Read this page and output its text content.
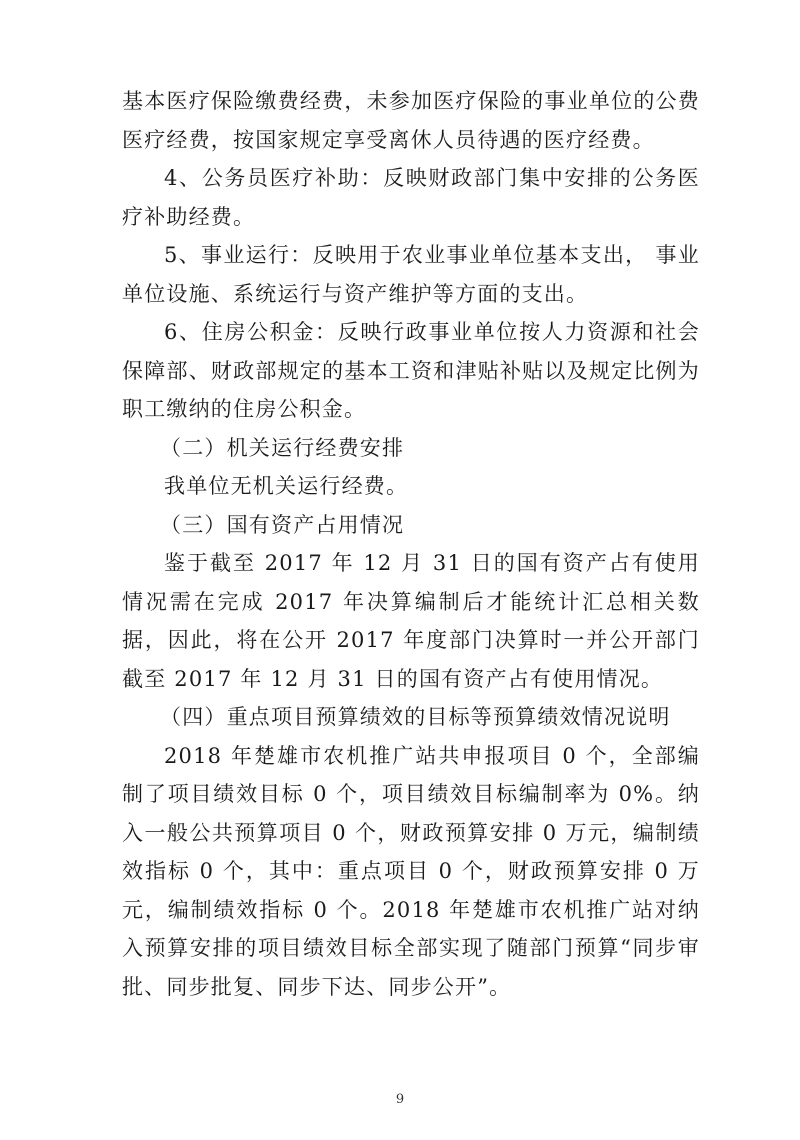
基本医疗保险缴费经费，未参加医疗保险的事业单位的公费医疗经费，按国家规定享受离休人员待遇的医疗经费。

4、公务员医疗补助：反映财政部门集中安排的公务医疗补助经费。

5、事业运行：反映用于农业事业单位基本支出， 事业单位设施、系统运行与资产维护等方面的支出。

6、住房公积金：反映行政事业单位按人力资源和社会保障部、财政部规定的基本工资和津贴补贴以及规定比例为职工缴纳的住房公积金。

（二）机关运行经费安排

我单位无机关运行经费。

（三）国有资产占用情况

鉴于截至 2017 年 12 月 31 日的国有资产占有使用情况需在完成 2017 年决算编制后才能统计汇总相关数据，因此，将在公开 2017 年度部门决算时一并公开部门截至 2017 年 12 月 31 日的国有资产占有使用情况。

（四）重点项目预算绩效的目标等预算绩效情况说明

2018 年楚雄市农机推广站共申报项目 0 个，全部编制了项目绩效目标 0 个，项目绩效目标编制率为 0%。纳入一般公共预算项目 0 个，财政预算安排 0 万元，编制绩效指标 0 个，其中：重点项目 0 个，财政预算安排 0 万元，编制绩效指标 0 个。2018 年楚雄市农机推广站对纳入预算安排的项目绩效目标全部实现了随部门预算“同步审批、同步批复、同步下达、同步公开”。

9
